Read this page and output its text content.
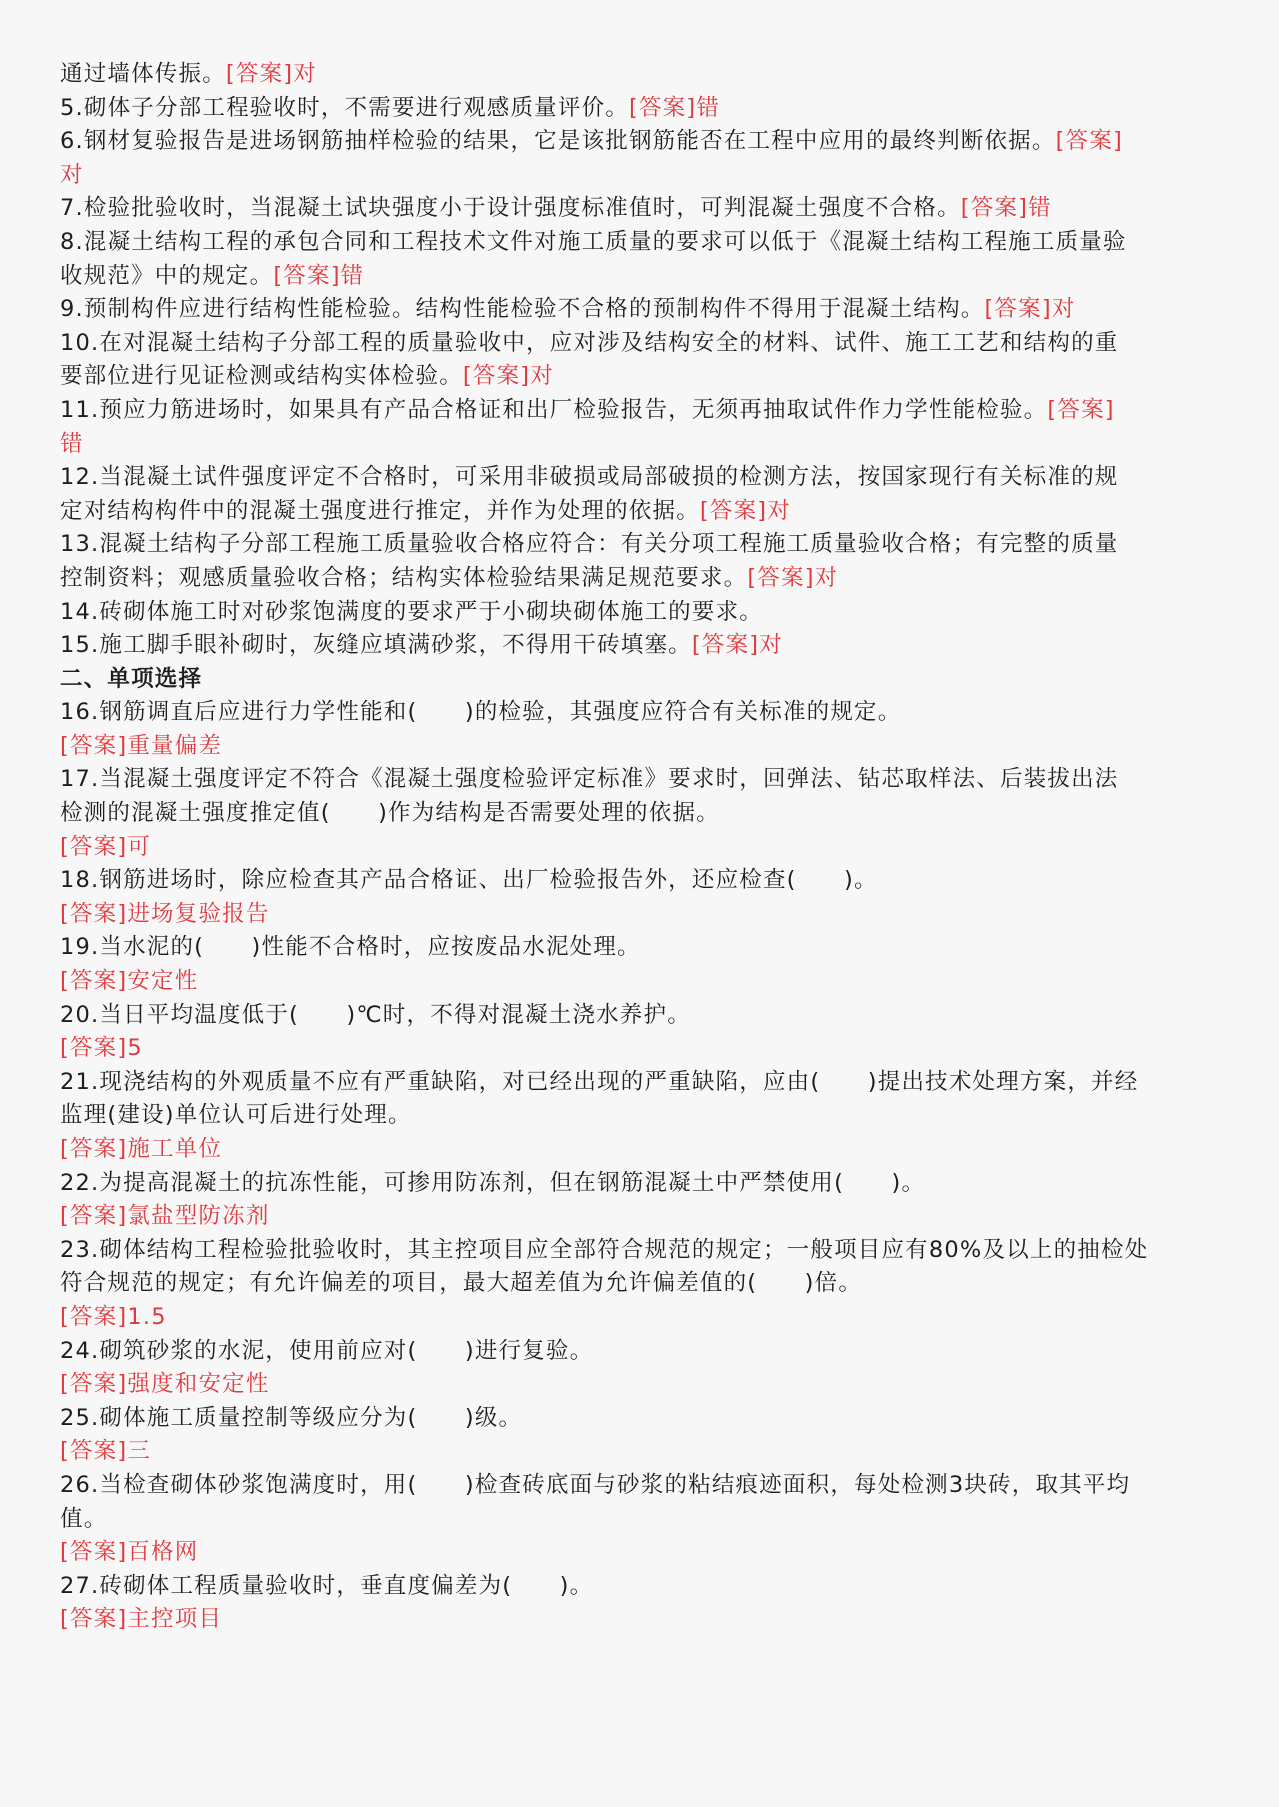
通过墙体传振。[答案]对
5.砌体子分部工程验收时，不需要进行观感质量评价。[答案]错
6.钢材复验报告是进场钢筋抽样检验的结果，它是该批钢筋能否在工程中应用的最终判断依据。[答案]
对
7.检验批验收时，当混凝土试块强度小于设计强度标准值时，可判混凝土强度不合格。[答案]错
8.混凝土结构工程的承包合同和工程技术文件对施工质量的要求可以低于《混凝土结构工程施工质量验
收规范》中的规定。[答案]错
9.预制构件应进行结构性能检验。结构性能检验不合格的预制构件不得用于混凝土结构。[答案]对
10.在对混凝土结构子分部工程的质量验收中，应对涉及结构安全的材料、试件、施工工艺和结构的重
要部位进行见证检测或结构实体检验。[答案]对
11.预应力筋进场时，如果具有产品合格证和出厂检验报告，无须再抽取试件作力学性能检验。[答案]
错
12.当混凝土试件强度评定不合格时，可采用非破损或局部破损的检测方法，按国家现行有关标准的规
定对结构构件中的混凝土强度进行推定，并作为处理的依据。[答案]对
13.混凝土结构子分部工程施工质量验收合格应符合：有关分项工程施工质量验收合格；有完整的质量
控制资料；观感质量验收合格；结构实体检验结果满足规范要求。[答案]对
14.砖砌体施工时对砂浆饱满度的要求严于小砌块砌体施工的要求。
15.施工脚手眼补砌时，灰缝应填满砂浆，不得用干砖填塞。[答案]对
二、单项选择
16.钢筋调直后应进行力学性能和(　　)的检验，其强度应符合有关标准的规定。
[答案]重量偏差
17.当混凝土强度评定不符合《混凝土强度检验评定标准》要求时，回弹法、钻芯取样法、后装拔出法
检测的混凝土强度推定值(　　)作为结构是否需要处理的依据。
[答案]可
18.钢筋进场时，除应检查其产品合格证、出厂检验报告外，还应检查(　　)。
[答案]进场复验报告
19.当水泥的(　　)性能不合格时，应按废品水泥处理。
[答案]安定性
20.当日平均温度低于(　　)℃时，不得对混凝土浇水养护。
[答案]5
21.现浇结构的外观质量不应有严重缺陷，对已经出现的严重缺陷，应由(　　)提出技术处理方案，并经
监理(建设)单位认可后进行处理。
[答案]施工单位
22.为提高混凝土的抗冻性能，可掺用防冻剂，但在钢筋混凝土中严禁使用(　　)。
[答案]氯盐型防冻剂
23.砌体结构工程检验批验收时，其主控项目应全部符合规范的规定；一般项目应有80%及以上的抽检处
符合规范的规定；有允许偏差的项目，最大超差值为允许偏差值的(　　)倍。
[答案]1.5
24.砌筑砂浆的水泥，使用前应对(　　)进行复验。
[答案]强度和安定性
25.砌体施工质量控制等级应分为(　　)级。
[答案]三
26.当检查砌体砂浆饱满度时，用(　　)检查砖底面与砂浆的粘结痕迹面积，每处检测3块砖，取其平均
值。
[答案]百格网
27.砖砌体工程质量验收时，垂直度偏差为(　　)。
[答案]主控项目
